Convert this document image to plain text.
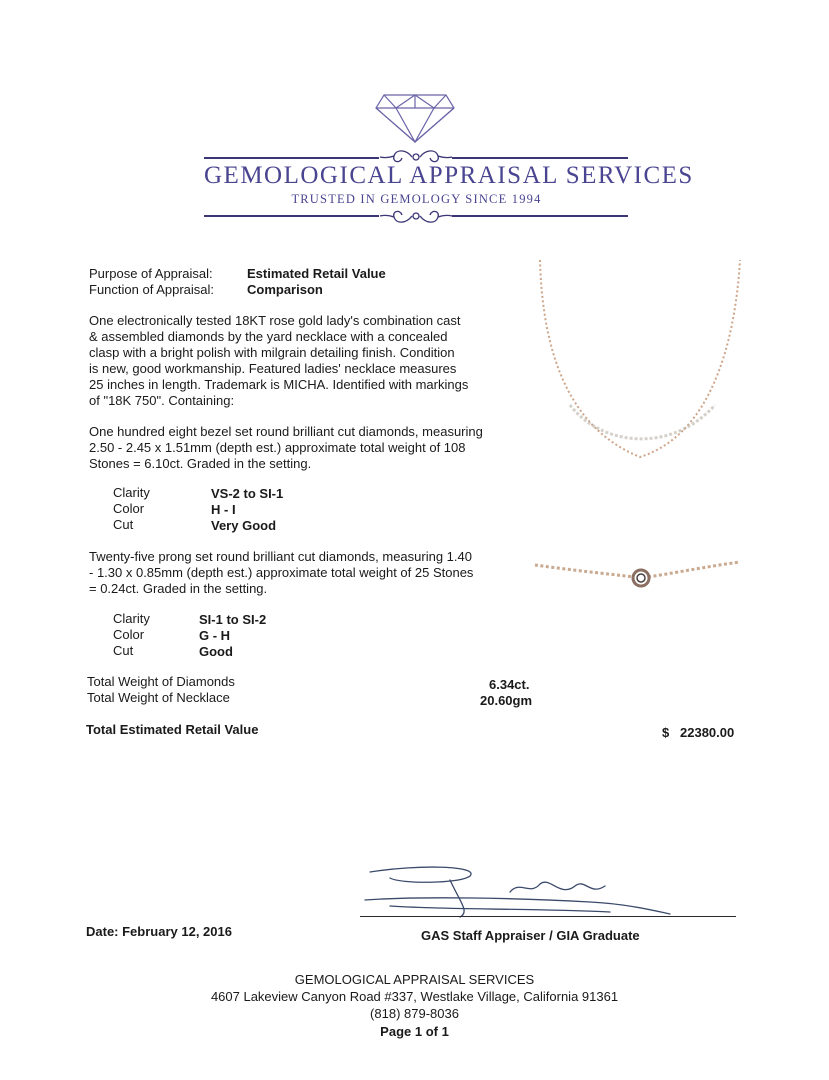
GEMOLOGICAL APPRAISAL SERVICES
TRUSTED IN GEMOLOGY SINCE 1994
Purpose of Appraisal:	Estimated Retail Value
Function of Appraisal:	Comparison
One electronically tested 18KT rose gold lady's combination cast
& assembled diamonds by the yard necklace with a concealed
clasp with a bright polish with milgrain detailing finish. Condition
is new, good workmanship. Featured ladies' necklace measures
25 inches in length. Trademark is MICHA. Identified with markings
of "18K 750". Containing:
One hundred eight bezel set round brilliant cut diamonds, measuring
2.50 - 2.45 x 1.51mm (depth est.) approximate total weight of 108
Stones = 6.10ct. Graded in the setting.
Clarity	VS-2 to SI-1
Color	H - I
Cut	Very Good
Twenty-five prong set round brilliant cut diamonds, measuring 1.40
- 1.30 x 0.85mm (depth est.) approximate total weight of 25 Stones
= 0.24ct. Graded in the setting.
Clarity	SI-1 to SI-2
Color	G - H
Cut	Good
Total Weight of Diamonds	6.34ct.
Total Weight of Necklace	20.60gm
Total Estimated Retail Value	$ 22380.00
Date: February 12, 2016	GAS Staff Appraiser / GIA Graduate
GEMOLOGICAL APPRAISAL SERVICES
4607 Lakeview Canyon Road #337, Westlake Village, California 91361
(818) 879-8036
Page 1 of 1
